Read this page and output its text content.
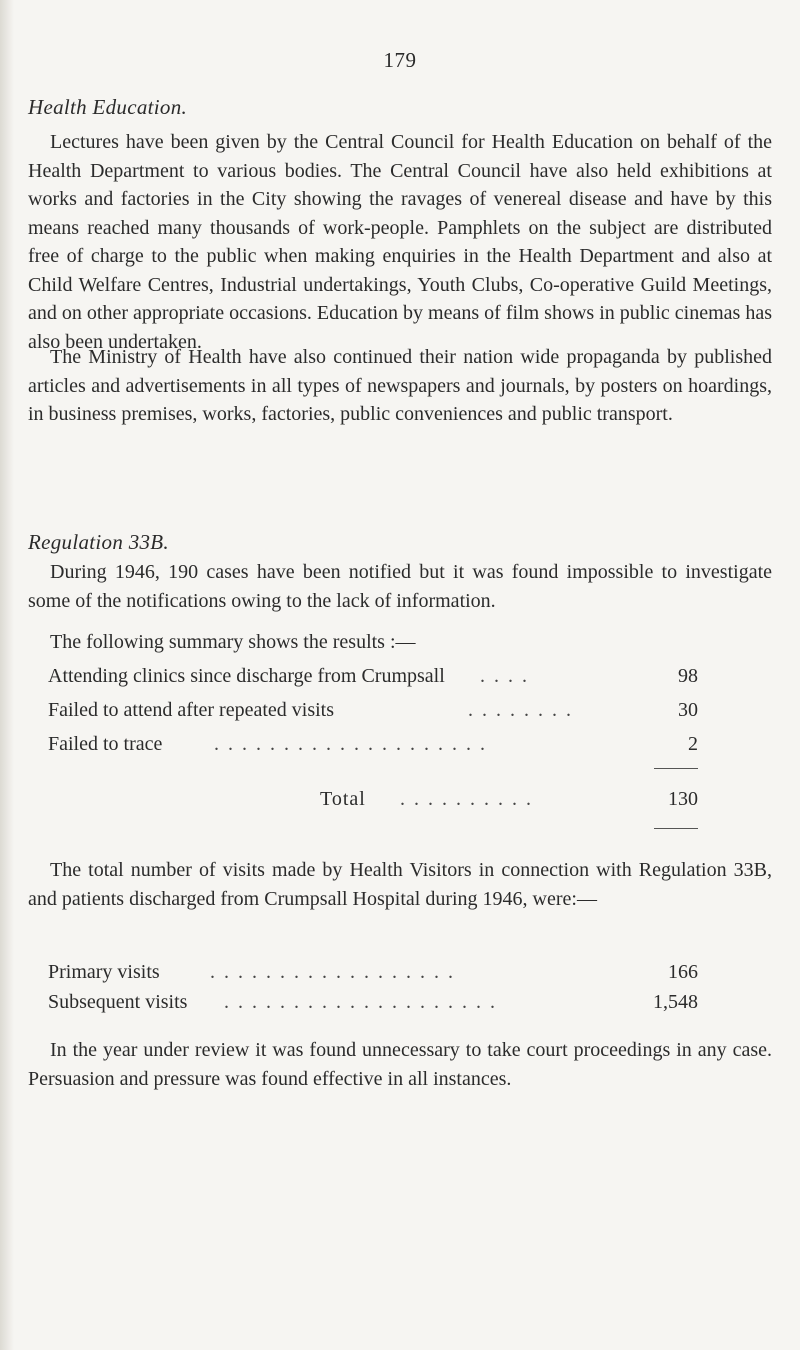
179
Health Education.

Lectures have been given by the Central Council for Health Education on behalf of the Health Department to various bodies. The Central Council have also held exhibitions at works and factories in the City showing the ravages of venereal disease and have by this means reached many thousands of work-people. Pamphlets on the subject are distributed free of charge to the public when making enquiries in the Health Department and also at Child Welfare Centres, Industrial undertakings, Youth Clubs, Co-operative Guild Meetings, and on other appropriate occasions. Education by means of film shows in public cinemas has also been undertaken.

The Ministry of Health have also continued their nation wide propaganda by published articles and advertisements in all types of newspapers and journals, by posters on hoardings, in business premises, works, factories, public conveniences and public transport.

Regulation 33B.

During 1946, 190 cases have been notified but it was found impossible to investigate some of the notifications owing to the lack of information.

The following summary shows the results :—

Attending clinics since discharge from Crumpsall . . . .	98
Failed to attend after repeated visits	. . . . . . . .	30
Failed to trace	. . . . . . . . . . . . . . . . . . . .	2
Total . . . . . . . . . .	130

The total number of visits made by Health Visitors in connection with Regulation 33B, and patients discharged from Crumpsall Hospital during 1946, were:—

Primary visits	. . . . . . . . . . . . . . . . . .	166
Subsequent visits . . . . . . . . . . . . . . . . . . . .	1,548

In the year under review it was found unnecessary to take court proceedings in any case. Persuasion and pressure was found effective in all instances.
